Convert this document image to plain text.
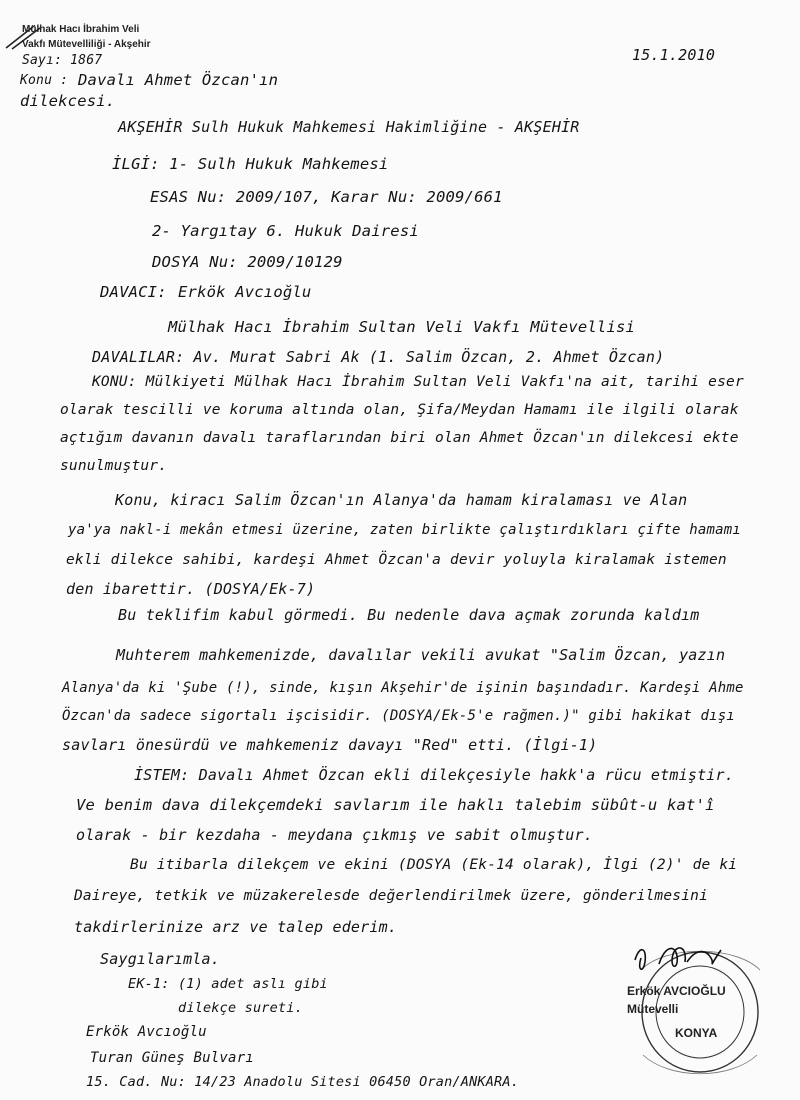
Mülhak Hacı İbrahim Veli
Vakfı Mütevelliliği - Akşehir
Sayı: 1867	15.1.2010
Konu : Davalı Ahmet Özcan'ın
dilekcesi.
AKŞEHİR Sulh Hukuk Mahkemesi Hakimliğine - AKŞEHİR
İLGİ: 1- Sulh Hukuk Mahkemesi
ESAS Nu: 2009/107, Karar Nu: 2009/661
2- Yargıtay 6. Hukuk Dairesi
DOSYA Nu: 2009/10129
DAVACI: Erkök Avcıoğlu
Mülhak Hacı İbrahim Sultan Veli Vakfı Mütevellisi
DAVALILAR: Av. Murat Sabri Ak (1. Salim Özcan, 2. Ahmet Özcan)
KONU: Mülkiyeti Mülhak Hacı İbrahim Sultan Veli Vakfı'na ait, tarihi eser
olarak tescilli ve koruma altında olan, Şifa/Meydan Hamamı ile ilgili olarak
açtığım davanın davalı taraflarından biri olan Ahmet Özcan'ın dilekcesi ekte
sunulmuştur.
Konu, kiracı Salim Özcan'ın Alanya'da hamam kiralaması ve Alan
ya'ya nakl-i mekân etmesi üzerine, zaten birlikte çalıştırdıkları çifte hamamı
ekli dilekce sahibi, kardeşi Ahmet Özcan'a devir yoluyla kiralamak istemen
den ibarettir. (DOSYA/Ek-7)
Bu teklifim kabul görmedi. Bu nedenle dava açmak zorunda kaldım
Muhterem mahkemenizde, davalılar vekili avukat "Salim Özcan, yazın
Alanya'da ki 'Şube (!), sinde, kışın Akşehir'de işinin başındadır. Kardeşi Ahme
Özcan'da sadece sigortalı işcisidir. (DOSYA/Ek-5'e rağmen.)" gibi hakikat dışı
savları önesürdü ve mahkemeniz davayı "Red" etti. (İlgi-1)
İSTEM: Davalı Ahmet Özcan ekli dilekçesiyle hakk'a rücu etmiştir.
Ve benim dava dilekçemdeki savlarım ile haklı talebim sübût-u kat'î
olarak - bir kezdaha - meydana çıkmış ve sabit olmuştur.
Bu itibarla dilekçem ve ekini (DOSYA (Ek-14 olarak), İlgi (2)' de ki
Daireye, tetkik ve müzakerelesde değerlendirilmek üzere, gönderilmesini
takdirlerinize arz ve talep ederim.
Saygılarımla.
EK-1: (1) adet aslı gibi
dilekçe sureti.
Erkök Avcıoğlu
Turan Güneş Bulvarı
15. Cad. Nu: 14/23 Anadolu Sitesi 06450 Oran/ANKARA.
Erkök AVCIOĞLU
Mütevelli
KONYA
